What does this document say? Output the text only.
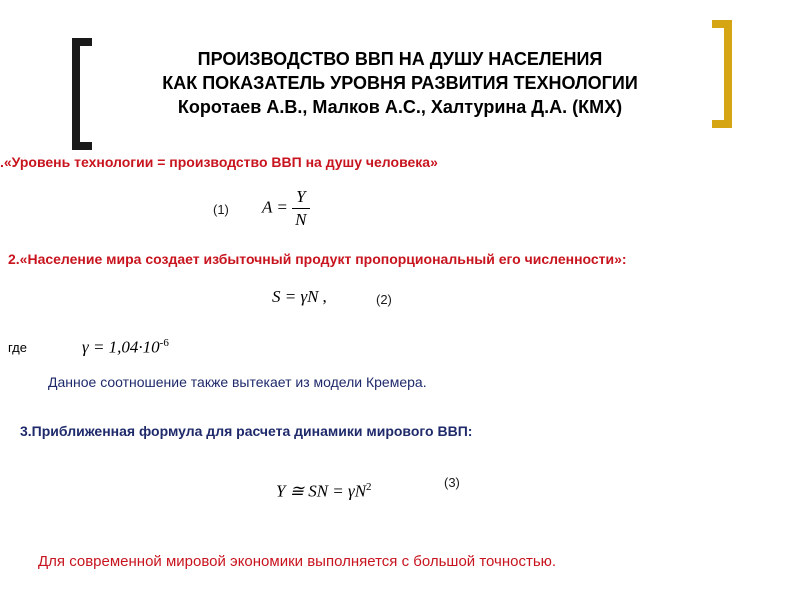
ПРОИЗВОДСТВО ВВП НА ДУШУ НАСЕЛЕНИЯ
КАК ПОКАЗАТЕЛЬ УРОВНЯ РАЗВИТИЯ ТЕХНОЛОГИИ
Коротаев А.В., Малков А.С., Халтурина Д.А. (КМХ)
.«Уровень технологии = производство ВВП на душу человека»
(1) $A = \frac{Y}{N}$
2.«Население мира создает избыточный продукт пропорциональный его численности»:
S = γN ,	(2)
где	$\gamma = 1,04\cdot 10^{-6}$
Данное соотношение также вытекает из модели Кремера.
3.Приближенная формула для расчета динамики мирового ВВП:
(3)
Y ≅ SN = $\gamma N^2$
Для современной мировой экономики выполняется с большой точностью.
